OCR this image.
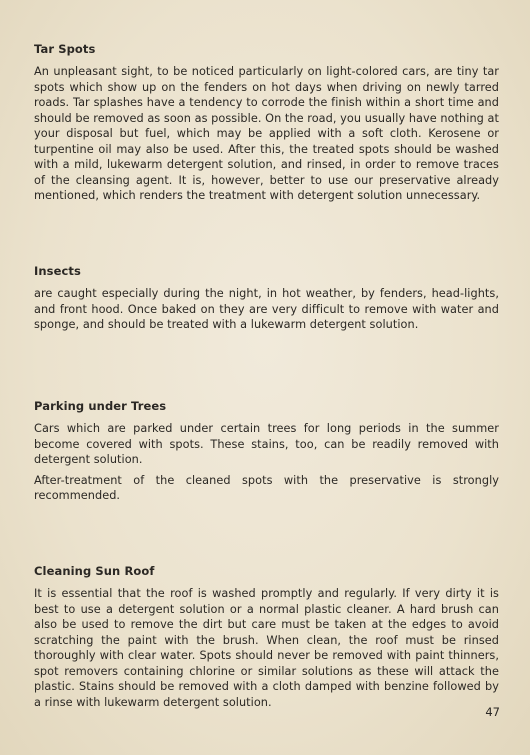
Tar Spots

An unpleasant sight, to be noticed particularly on light-colored cars, are tiny tar spots which show up on the fenders on hot days when driving on newly tarred roads. Tar splashes have a tendency to corrode the finish within a short time and should be removed as soon as possible. On the road, you usually have nothing at your disposal but fuel, which may be applied with a soft cloth. Kerosene or turpentine oil may also be used. After this, the treated spots should be washed with a mild, lukewarm detergent solution, and rinsed, in order to remove traces of the cleansing agent. It is, however, better to use our preservative already mentioned, which renders the treatment with detergent solution unnecessary.

Insects

are caught especially during the night, in hot weather, by fenders, head-lights, and front hood. Once baked on they are very difficult to remove with water and sponge, and should be treated with a lukewarm detergent solution.

Parking under Trees

Cars which are parked under certain trees for long periods in the summer become covered with spots. These stains, too, can be readily removed with detergent solution.

After-treatment of the cleaned spots with the preservative is strongly recommended.

Cleaning Sun Roof

It is essential that the roof is washed promptly and regularly. If very dirty it is best to use a detergent solution or a normal plastic cleaner. A hard brush can also be used to remove the dirt but care must be taken at the edges to avoid scratching the paint with the brush. When clean, the roof must be rinsed thoroughly with clear water. Spots should never be removed with paint thinners, spot removers containing chlorine or similar solutions as these will attack the plastic. Stains should be removed with a cloth damped with benzine followed by a rinse with lukewarm detergent solution.

47
